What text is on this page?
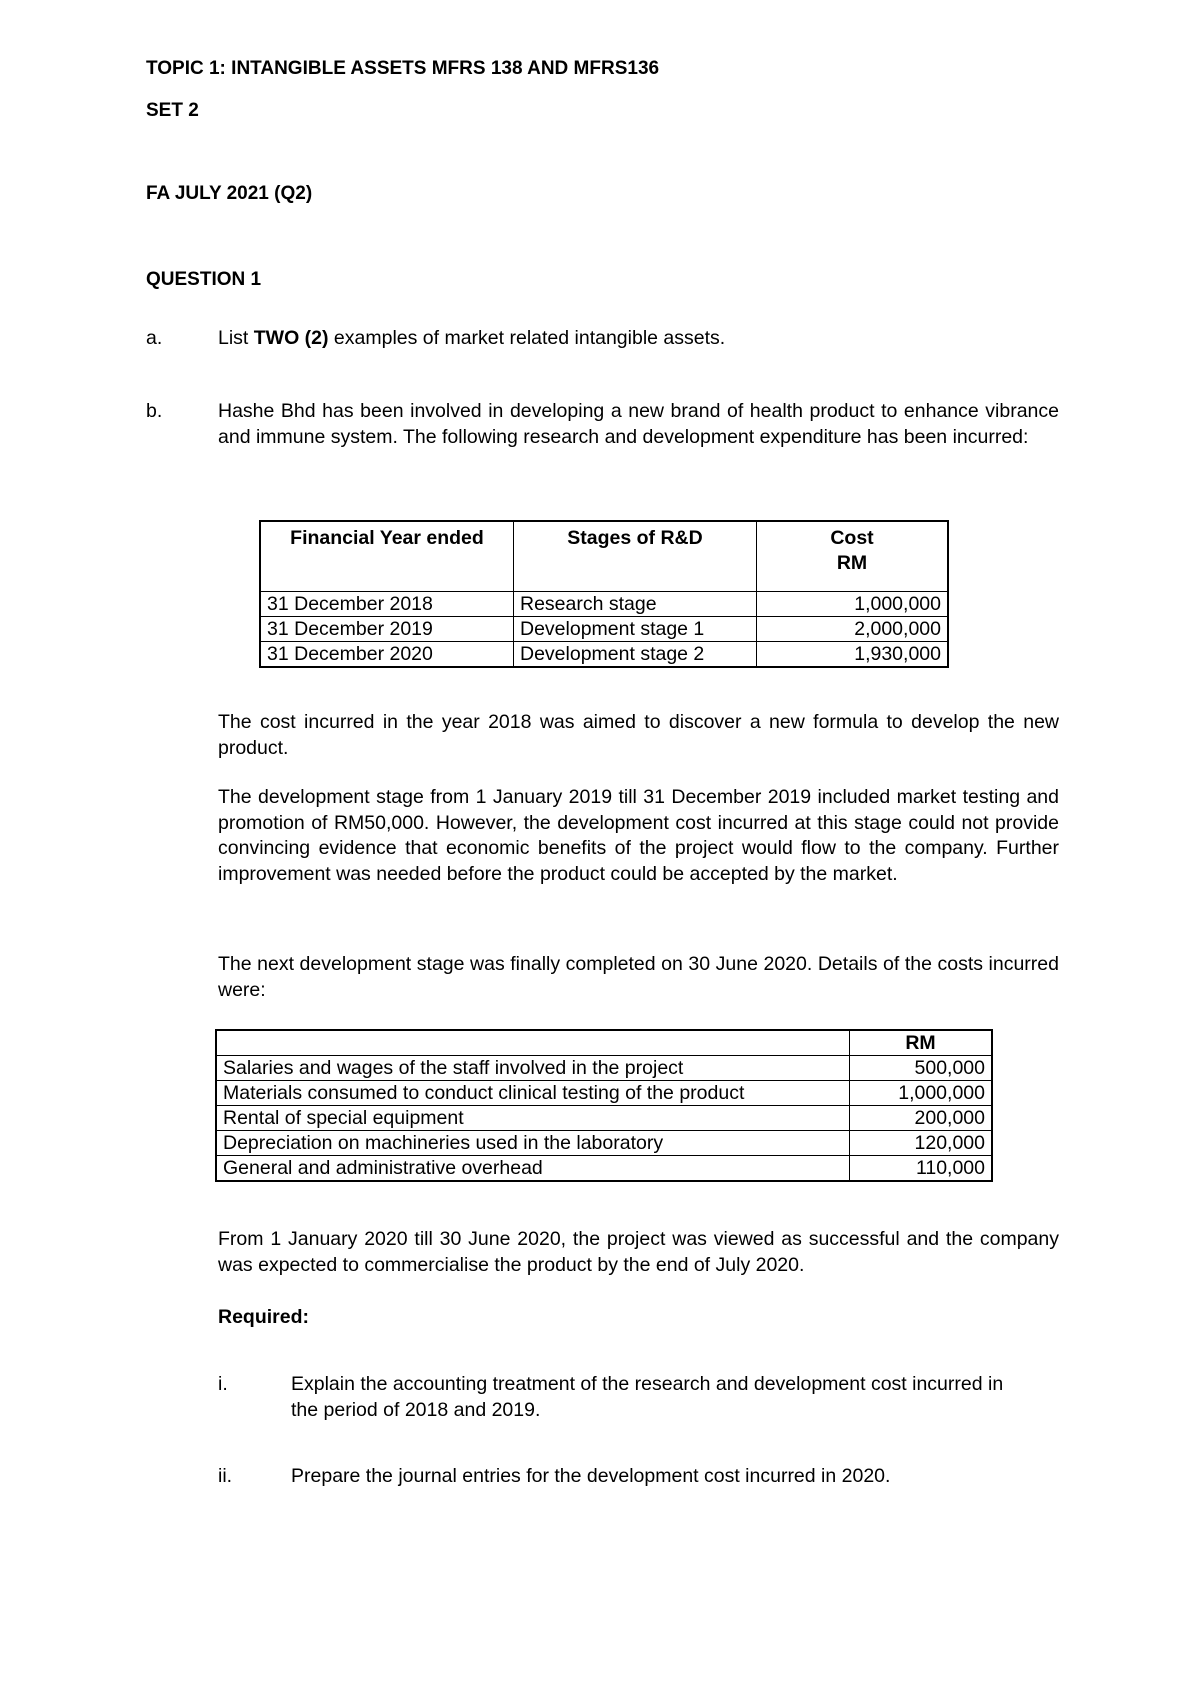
TOPIC 1: INTANGIBLE ASSETS MFRS 138 AND MFRS136
SET 2
FA JULY 2021 (Q2)
QUESTION 1
a.	List TWO (2) examples of market related intangible assets.
b.	Hashe Bhd has been involved in developing a new brand of health product to enhance vibrance and immune system. The following research and development expenditure has been incurred:
Financial Year ended	Stages of R&D	Cost
RM
31 December 2018	Research stage	1,000,000
31 December 2019	Development stage 1	2,000,000
31 December 2020	Development stage 2	1,930,000
The cost incurred in the year 2018 was aimed to discover a new formula to develop the new product.
The development stage from 1 January 2019 till 31 December 2019 included market testing and promotion of RM50,000. However, the development cost incurred at this stage could not provide convincing evidence that economic benefits of the project would flow to the company. Further improvement was needed before the product could be accepted by the market.
The next development stage was finally completed on 30 June 2020. Details of the costs incurred were:
	RM
Salaries and wages of the staff involved in the project	500,000
Materials consumed to conduct clinical testing of the product	1,000,000
Rental of special equipment	200,000
Depreciation on machineries used in the laboratory	120,000
General and administrative overhead	110,000
From 1 January 2020 till 30 June 2020, the project was viewed as successful and the company was expected to commercialise the product by the end of July 2020.
Required:
i.	Explain the accounting treatment of the research and development cost incurred in the period of 2018 and 2019.
ii.	Prepare the journal entries for the development cost incurred in 2020.
